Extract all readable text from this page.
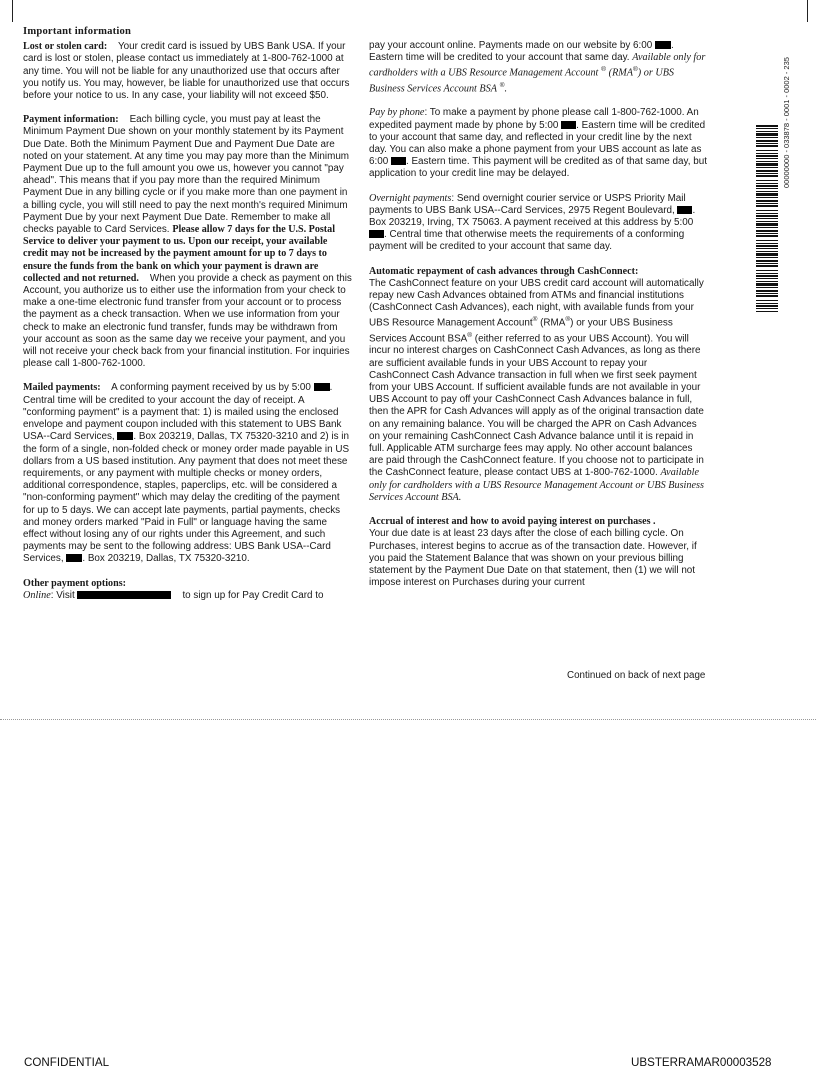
Important information

Lost or stolen card: Your credit card is issued by UBS Bank USA. If your card is lost or stolen, please contact us immediately at 1-800-762-1000 at any time. You will not be liable for any unauthorized use that occurs after you notify us. You may, however, be liable for unauthorized use that occurs before your notice to us. In any case, your liability will not exceed $50.

Payment information: Each billing cycle, you must pay at least the Minimum Payment Due shown on your monthly statement by its Payment Due Date. Both the Minimum Payment Due and Payment Due Date are noted on your statement. At any time you may pay more than the Minimum Payment Due up to the full amount you owe us, however you cannot "pay ahead". This means that if you pay more than the required Minimum Payment Due in any billing cycle or if you make more than one payment in a billing cycle, you will still need to pay the next month's required Minimum Payment Due by your next Payment Due Date. Remember to make all checks payable to Card Services. Please allow 7 days for the U.S. Postal Service to deliver your payment to us. Upon our receipt, your available credit may not be increased by the payment amount for up to 7 days to ensure the funds from the bank on which your payment is drawn are collected and not returned. When you provide a check as payment on this Account, you authorize us to either use the information from your check to make a one-time electronic fund transfer from your account or to process the payment as a check transaction. When we use information from your check to make an electronic fund transfer, funds may be withdrawn from your account as soon as the same day we receive your payment, and you will not receive your check back from your financial institution. For inquiries please call 1-800-762-1000.

Mailed payments: A conforming payment received by us by 5:00 . Central time will be credited to your account the day of receipt. A "conforming payment" is a payment that: 1) is mailed using the enclosed envelope and payment coupon included with this statement to UBS Bank USA--Card Services, . Box 203219, Dallas, TX 75320-3210 and 2) is in the form of a single, non-folded check or money order made payable in US dollars from a US based institution. Any payment that does not meet these requirements, or any payment with multiple checks or money orders, additional correspondence, staples, paperclips, etc. will be considered a "non-conforming payment" which may delay the crediting of the payment for up to 5 days. We can accept late payments, partial payments, checks and money orders marked "Paid in Full" or language having the same effect without losing any of our rights under this Agreement, and such payments may be sent to the following address: UBS Bank USA--Card Services, . Box 203219, Dallas, TX 75320-3210.

Other payment options:
Online: Visit	to sign up for Pay Credit Card to

pay your account online. Payments made on our website by 6:00 . Eastern time will be credited to your account that same day. Available only for cardholders with a UBS Resource Management Account ® (RMA®) or UBS Business Services Account BSA ®.

Pay by phone: To make a payment by phone please call 1-800-762-1000. An expedited payment made by phone by 5:00 . Eastern time will be credited to your account that same day, and reflected in your credit line by the next day. You can also make a phone payment from your UBS account as late as 6:00 . Eastern time. This payment will be credited as of that same day, but application to your credit line may be delayed.

Overnight payments: Send overnight courier service or USPS Priority Mail payments to UBS Bank USA--Card Services, 2975 Regent Boulevard, . Box 203219, Irving, TX 75063. A payment received at this address by 5:00 . Central time that otherwise meets the requirements of a conforming payment will be credited to your account that same day.

Automatic repayment of cash advances through CashConnect:
The CashConnect feature on your UBS credit card account will automatically repay new Cash Advances obtained from ATMs and financial institutions (CashConnect Cash Advances), each night, with available funds from your UBS Resource Management Account® (RMA®) or your UBS Business Services Account BSA® (either referred to as your UBS Account). You will incur no interest charges on CashConnect Cash Advances, as long as there are sufficient available funds in your UBS Account to repay your CashConnect Cash Advance transaction in full when we first seek payment from your UBS Account. If sufficient available funds are not available in your UBS Account to pay off your CashConnect Cash Advances balance in full, then the APR for Cash Advances will apply as of the original transaction date on any remaining balance. You will be charged the APR on Cash Advances on your remaining CashConnect Cash Advance balance until it is repaid in full. Applicable ATM surcharge fees may apply. No other account balances are paid through the CashConnect feature. If you choose not to participate in the CashConnect feature, please contact UBS at 1-800-762-1000. Available only for cardholders with a UBS Resource Management Account or UBS Business Services Account BSA.

Accrual of interest and how to avoid paying interest on purchases .
Your due date is at least 23 days after the close of each billing cycle. On Purchases, interest begins to accrue as of the transaction date. However, if you paid the Statement Balance that was shown on your previous billing statement by the Payment Due Date on that statement, then (1) we will not impose interest on Purchases during your current

Continued on back of next page
00000000 - 033878 - 0001 - 0002 - 235
CONFIDENTIAL	UBSTERRAMAR00003528
